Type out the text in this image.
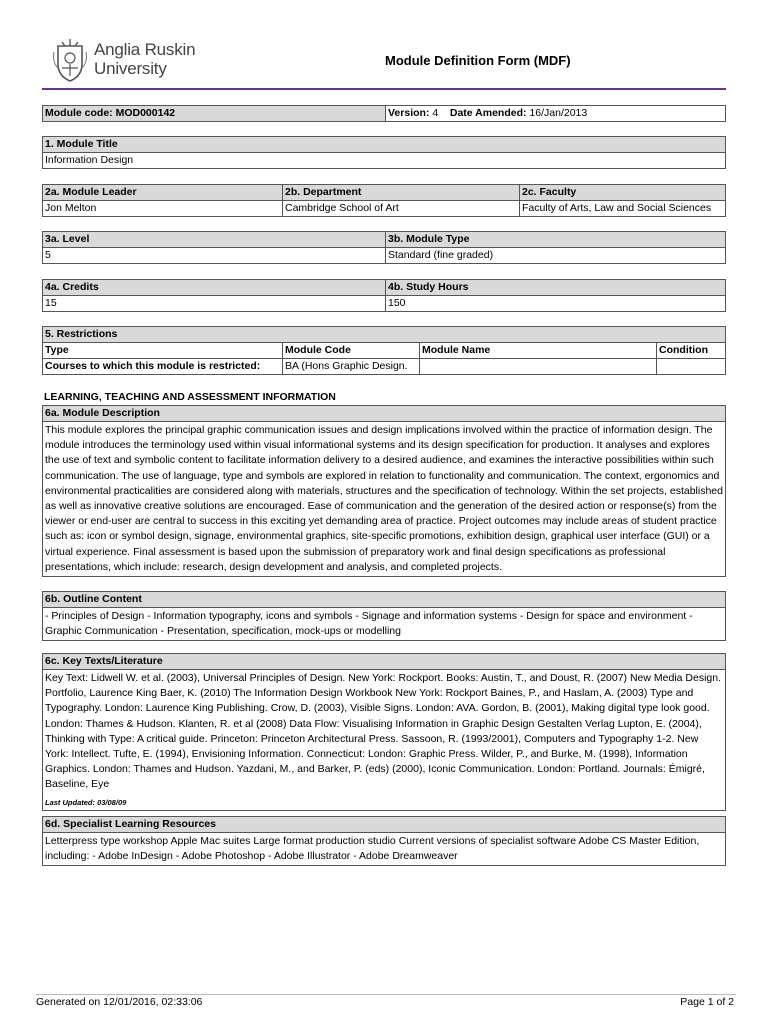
Anglia Ruskin
University	Module Definition Form (MDF)
Module code: MOD000142	Version: 4 Date Amended: 16/Jan/2013
1. Module Title
Information Design
2a. Module Leader	2b. Department	2c. Faculty
Jon Melton	Cambridge School of Art	Faculty of Arts, Law and Social Sciences
3a. Level	3b. Module Type
5	Standard (fine graded)
4a. Credits	4b. Study Hours
15	150
5. Restrictions			
Type	Module Code	Module Name	Condition
Courses to which this module is restricted:	BA (Hons Graphic Design.		
LEARNING, TEACHING AND ASSESSMENT INFORMATION
6a. Module Description
This module explores the principal graphic communication issues and design implications involved within the practice of information design. The module introduces the terminology used within visual informational systems and its design specification for production. It analyses and explores the use of text and symbolic content to facilitate information delivery to a desired audience, and examines the interactive possibilities within such communication. The use of language, type and symbols are explored in relation to functionality and communication. The context, ergonomics and environmental practicalities are considered along with materials, structures and the specification of technology. Within the set projects, established as well as innovative creative solutions are encouraged. Ease of communication and the generation of the desired action or response(s) from the viewer or end-user are central to success in this exciting yet demanding area of practice. Project outcomes may include areas of student practice such as: icon or symbol design, signage, environmental graphics, site-specific promotions, exhibition design, graphical user interface (GUI) or a virtual experience. Final assessment is based upon the submission of preparatory work and final design specifications as professional presentations, which include: research, design development and analysis, and completed projects.
6b. Outline Content
- Principles of Design - Information typography, icons and symbols - Signage and information systems - Design for space and environment - Graphic Communication - Presentation, specification, mock-ups or modelling
6c. Key Texts/Literature
Key Text: Lidwell W. et al. (2003), Universal Principles of Design. New York: Rockport. Books: Austin, T., and Doust, R. (2007) New Media Design. Portfolio, Laurence King Baer, K. (2010) The Information Design Workbook New York: Rockport Baines, P., and Haslam, A. (2003) Type and Typography. London: Laurence King Publishing. Crow, D. (2003), Visible Signs. London: AVA. Gordon, B. (2001), Making digital type look good. London: Thames & Hudson. Klanten, R. et al (2008) Data Flow: Visualising Information in Graphic Design Gestalten Verlag Lupton, E. (2004), Thinking with Type: A critical guide. Princeton: Princeton Architectural Press. Sassoon, R. (1993/2001), Computers and Typography 1-2. New York: Intellect. Tufte, E. (1994), Envisioning Information. Connecticut: London: Graphic Press. Wilder, P., and Burke, M. (1998), Information Graphics. London: Thames and Hudson. Yazdani, M., and Barker, P. (eds) (2000), Iconic Communication. London: Portland. Journals: Émigré, Baseline, Eye
Last Updated: 03/08/09
6d. Specialist Learning Resources
Letterpress type workshop Apple Mac suites Large format production studio Current versions of specialist software Adobe CS Master Edition, including: - Adobe InDesign - Adobe Photoshop - Adobe Illustrator - Adobe Dreamweaver
Generated on 12/01/2016, 02:33:06	Page 1 of 2
